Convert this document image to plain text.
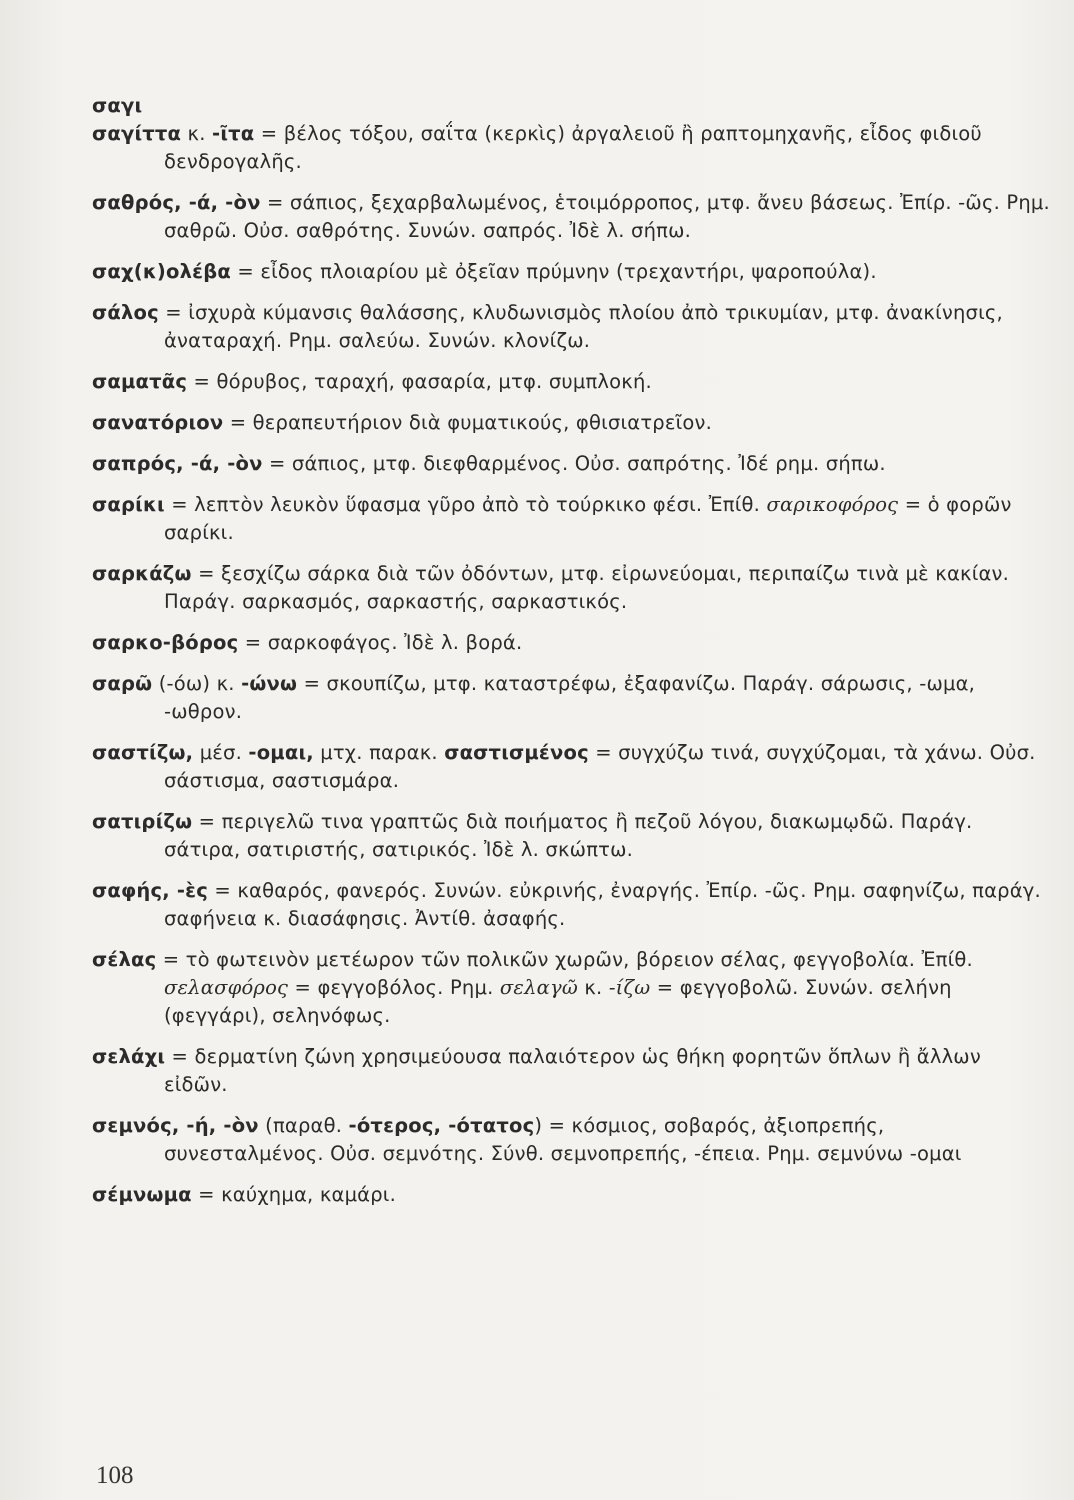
σαγι
σαγίττα κ. -ῖτα = βέλος τόξου, σαΐτα (κερκὶς) ἀργαλειοῦ ἢ ραπτομηχανῆς, εἶδος φιδιοῦ δενδρογαλῆς.
σαθρός, -ά, -òν = σάπιος, ξεχαρβαλωμένος, ἑτοιμόρροπος, μτφ. ἄνευ βάσεως. Ἐπίρ. -ῶς. Ρημ. σαθρῶ. Οὐσ. σαθρότης. Συνών. σαπρός. Ἰδὲ λ. σήπω.
σαχ(κ)ολέβα = εἶδος πλοιαρίου μὲ ὀξεῖαν πρύμνην (τρεχαντήρι, ψαροπούλα).
σάλος = ἰσχυρὰ κύμανσις θαλάσσης, κλυδωνισμὸς πλοίου ἀπὸ τρικυμίαν, μτφ. ἀνακίνησις, ἀναταραχή. Ρημ. σαλεύω. Συνών. κλονίζω.
σαματᾶς = θόρυβος, ταραχή, φασαρία, μτφ. συμπλοκή.
σανατόριον = θεραπευτήριον διὰ φυματικούς, φθισιατρεῖον.
σαπρός, -ά, -òν = σάπιος, μτφ. διεφθαρμένος. Οὐσ. σαπρότης. Ἰδέ ρημ. σήπω.
σαρίκι = λεπτὸν λευκὸν ὕφασμα γῦρο ἀπὸ τὸ τούρκικο φέσι. Ἐπίθ. σαρικοφόρος = ὁ φορῶν σαρίκι.
σαρκάζω = ξεσχίζω σάρκα διὰ τῶν ὀδόντων, μτφ. εἰρωνεύομαι, περιπαίζω τινὰ μὲ κακίαν. Παράγ. σαρκασμός, σαρκαστής, σαρκαστικός.
σαρκο-βόρος = σαρκοφάγος. Ἰδὲ λ. βορά.
σαρῶ (-όω) κ. -ώνω = σκουπίζω, μτφ. καταστρέφω, ἐξαφανίζω. Παράγ. σάρωσις, -ωμα, -ωθρον.
σαστίζω, μέσ. -ομαι, μτχ. παρακ. σαστισμένος = συγχύζω τινά, συγχύζομαι, τὰ χάνω. Οὐσ. σάστισμα, σαστισμάρα.
σατιρίζω = περιγελῶ τινα γραπτῶς διὰ ποιήματος ἢ πεζοῦ λόγου, διακωμῳδῶ. Παράγ. σάτιρα, σατιριστής, σατιρικός. Ἰδὲ λ. σκώπτω.
σαφής, -ὲς = καθαρός, φανερός. Συνών. εὐκρινής, ἐναργής. Ἐπίρ. -ῶς. Ρημ. σαφηνίζω, παράγ. σαφήνεια κ. διασάφησις. Ἀντίθ. ἀσαφής.
σέλας = τὸ φωτεινὸν μετέωρον τῶν πολικῶν χωρῶν, βόρειον σέλας, φεγγοβολία. Ἐπίθ. σελασφόρος = φεγγοβόλος. Ρημ. σελαγῶ κ. -ίζω = φεγγοβολῶ. Συνών. σελήνη (φεγγάρι), σεληνόφως.
σελάχι = δερματίνη ζώνη χρησιμεύουσα παλαιότερον ὡς θήκη φορητῶν ὅπλων ἢ ἄλλων εἰδῶν.
σεμνός, -ή, -òν (παραθ. -ότερος, -ότατος) = κόσμιος, σοβαρός, ἀξιοπρεπής, συνεσταλμένος. Οὐσ. σεμνότης. Σύνθ. σεμνοπρεπής, -έπεια. Ρημ. σεμνύνω -ομαι
σέμνωμα = καύχημα, καμάρι.
108
